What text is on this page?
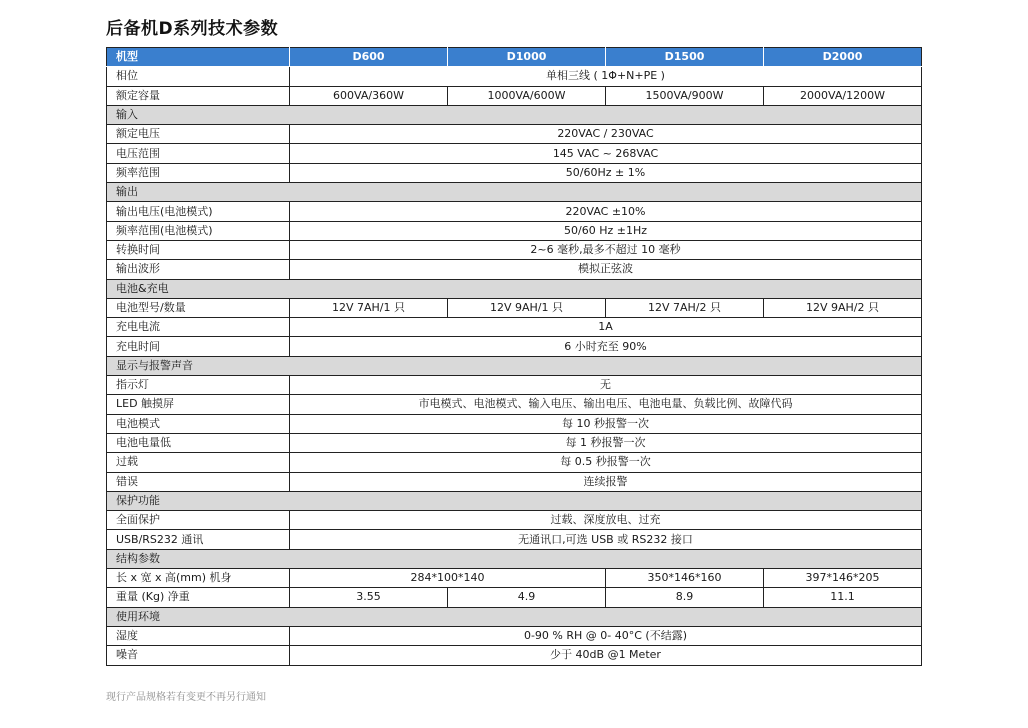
后备机D系列技术参数
机型	D600	D1000	D1500	D2000
相位	单相三线 ( 1Φ+N+PE )			
额定容量	600VA/360W	1000VA/600W	1500VA/900W	2000VA/1200W
输入				
额定电压	220VAC / 230VAC			
电压范围	145 VAC ~ 268VAC			
频率范围	50/60Hz ± 1%			
输出				
输出电压(电池模式)	220VAC ±10%			
频率范围(电池模式)	50/60 Hz ±1Hz			
转换时间	2~6 毫秒,最多不超过 10 毫秒			
输出波形	模拟正弦波			
电池&充电				
电池型号/数量	12V 7AH/1 只	12V 9AH/1 只	12V 7AH/2 只	12V 9AH/2 只
充电电流	1A			
充电时间	6 小时充至 90%			
显示与报警声音				
指示灯	无			
LED 触摸屏	市电模式、电池模式、输入电压、输出电压、电池电量、负载比例、故障代码			
电池模式	每 10 秒报警一次			
电池电量低	每 1 秒报警一次			
过载	每 0.5 秒报警一次			
错误	连续报警			
保护功能				
全面保护	过载、深度放电、过充			
USB/RS232 通讯	无通讯口,可选 USB 或 RS232 接口			
结构参数				
长 x 宽 x 高(mm) 机身	284*100*140		350*146*160	397*146*205
重量 (Kg) 净重	3.55	4.9	8.9	11.1
使用环境				
湿度	0-90 % RH @ 0- 40°C (不结露)			
噪音	少于 40dB @1 Meter			
现行产品规格若有变更不再另行通知
